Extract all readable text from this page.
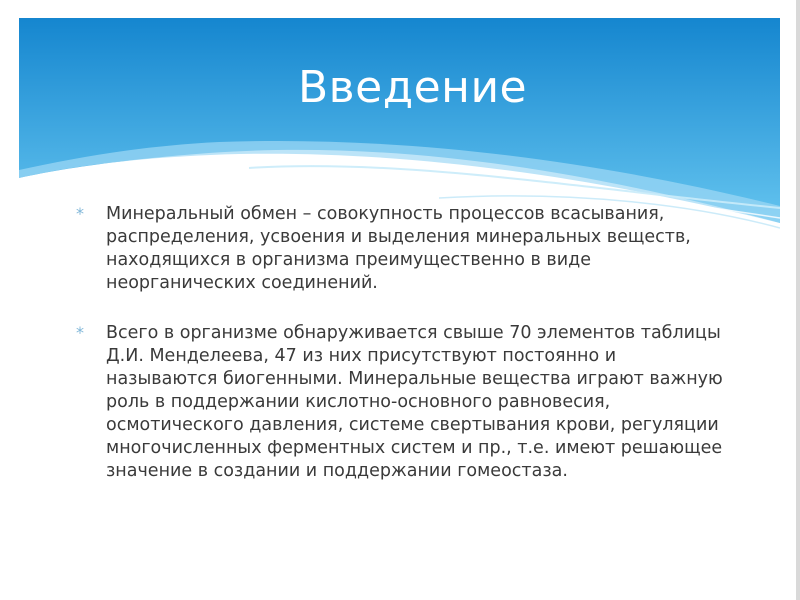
Введение

* Минеральный обмен – совокупность процессов всасывания, распределения, усвоения и выделения минеральных веществ, находящихся в организма преимущественно в виде неорганических соединений.

* Всего в организме обнаруживается свыше 70 элементов таблицы Д.И. Менделеева, 47 из них присутствуют постоянно и называются биогенными. Минеральные вещества играют важную роль в поддержании кислотно-основного равновесия, осмотического давления, системе свертывания крови, регуляции многочисленных ферментных систем и пр., т.е. имеют решающее значение в создании и поддержании гомеостаза.
